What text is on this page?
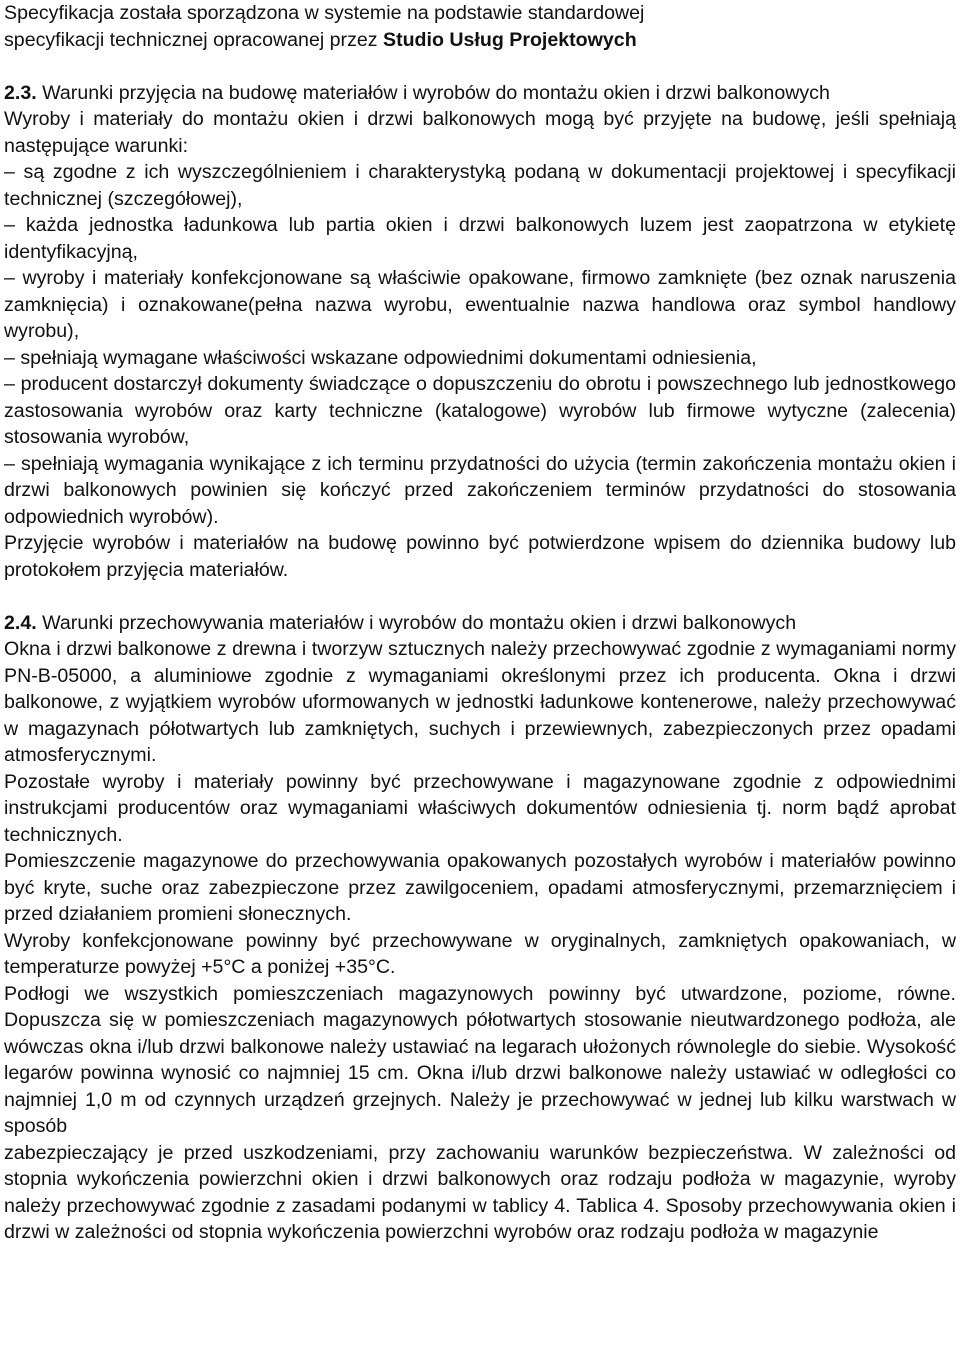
Specyfikacja została sporządzona w systemie na podstawie standardowej

specyfikacji technicznej opracowanej przez Studio Usług Projektowych

2.3. Warunki przyjęcia na budowę materiałów i wyrobów do montażu okien i drzwi balkonowych

Wyroby i materiały do montażu okien i drzwi balkonowych mogą być przyjęte na budowę, jeśli spełniają następujące warunki:

– są zgodne z ich wyszczególnieniem i charakterystyką podaną w dokumentacji projektowej i specyfikacji technicznej (szczegółowej),

– każda jednostka ładunkowa lub partia okien i drzwi balkonowych luzem jest zaopatrzona w etykietę identyfikacyjną,

– wyroby i materiały konfekcjonowane są właściwie opakowane, firmowo zamknięte (bez oznak naruszenia zamknięcia) i oznakowane(pełna nazwa wyrobu, ewentualnie nazwa handlowa oraz symbol handlowy wyrobu),

– spełniają wymagane właściwości wskazane odpowiednimi dokumentami odniesienia,

– producent dostarczył dokumenty świadczące o dopuszczeniu do obrotu i powszechnego lub jednostkowego zastosowania wyrobów oraz karty techniczne (katalogowe) wyrobów lub firmowe wytyczne (zalecenia) stosowania wyrobów,

– spełniają wymagania wynikające z ich terminu przydatności do użycia (termin zakończenia montażu okien i drzwi balkonowych powinien się kończyć przed zakończeniem terminów przydatności do stosowania odpowiednich wyrobów).

Przyjęcie wyrobów i materiałów na budowę powinno być potwierdzone wpisem do dziennika budowy lub protokołem przyjęcia materiałów.

2.4. Warunki przechowywania materiałów i wyrobów do montażu okien i drzwi balkonowych

Okna i drzwi balkonowe z drewna i tworzyw sztucznych należy przechowywać zgodnie z wymaganiami normy PN-B-05000, a aluminiowe zgodnie z wymaganiami określonymi przez ich producenta. Okna i drzwi balkonowe, z wyjątkiem wyrobów uformowanych w jednostki ładunkowe kontenerowe, należy przechowywać w magazynach półotwartych lub zamkniętych, suchych i przewiewnych, zabezpieczonych przez opadami atmosferycznymi.

Pozostałe wyroby i materiały powinny być przechowywane i magazynowane zgodnie z odpowiednimi instrukcjami producentów oraz wymaganiami właściwych dokumentów odniesienia tj. norm bądź aprobat technicznych.

Pomieszczenie magazynowe do przechowywania opakowanych pozostałych wyrobów i materiałów powinno być kryte, suche oraz zabezpieczone przez zawilgoceniem, opadami atmosferycznymi, przemarznięciem i przed działaniem promieni słonecznych.

Wyroby konfekcjonowane powinny być przechowywane w oryginalnych, zamkniętych opakowaniach, w temperaturze powyżej +5°C a poniżej +35°C.

Podłogi we wszystkich pomieszczeniach magazynowych powinny być utwardzone, poziome, równe. Dopuszcza się w pomieszczeniach magazynowych półotwartych stosowanie nieutwardzonego podłoża, ale wówczas okna i/lub drzwi balkonowe należy ustawiać na legarach ułożonych równolegle do siebie. Wysokość legarów powinna wynosić co najmniej 15 cm. Okna i/lub drzwi balkonowe należy ustawiać w odległości co najmniej 1,0 m od czynnych urządzeń grzejnych. Należy je przechowywać w jednej lub kilku warstwach w sposób

zabezpieczający je przed uszkodzeniami, przy zachowaniu warunków bezpieczeństwa. W zależności od stopnia wykończenia powierzchni okien i drzwi balkonowych oraz rodzaju podłoża w magazynie, wyroby należy przechowywać zgodnie z zasadami podanymi w tablicy 4. Tablica 4. Sposoby przechowywania okien i drzwi w zależności od stopnia wykończenia powierzchni wyrobów oraz rodzaju podłoża w magazynie
